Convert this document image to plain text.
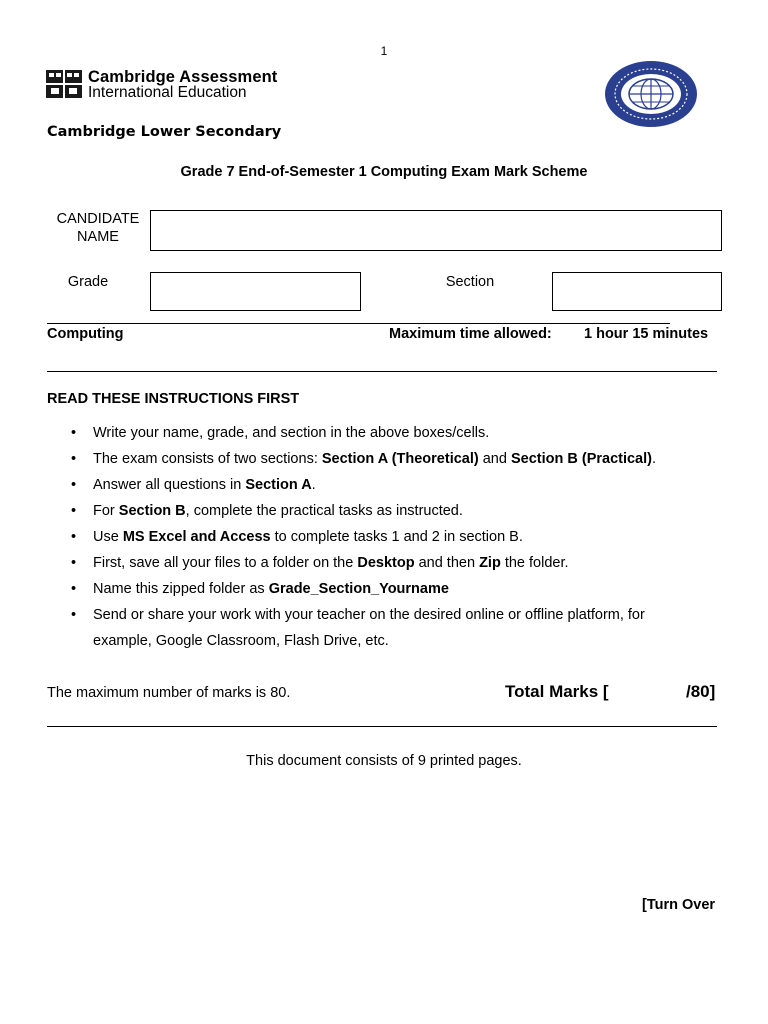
1
Cambridge Assessment
International Education
Cambridge Lower Secondary
Grade 7 End-of-Semester 1 Computing Exam Mark Scheme
CANDIDATE
NAME
Grade	Section
Computing	Maximum time allowed: 1 hour 15 minutes
READ THESE INSTRUCTIONS FIRST
• Write your name, grade, and section in the above boxes/cells.
• The exam consists of two sections: Section A (Theoretical) and Section B (Practical).
• Answer all questions in Section A.
• For Section B, complete the practical tasks as instructed.
• Use MS Excel and Access to complete tasks 1 and 2 in section B.
• First, save all your files to a folder on the Desktop and then Zip the folder.
• Name this zipped folder as Grade_Section_Yourname
• Send or share your work with your teacher on the desired online or offline platform, for example, Google Classroom, Flash Drive, etc.
The maximum number of marks is 80.	Total Marks [	/80]
This document consists of 9 printed pages.
[Turn Over
